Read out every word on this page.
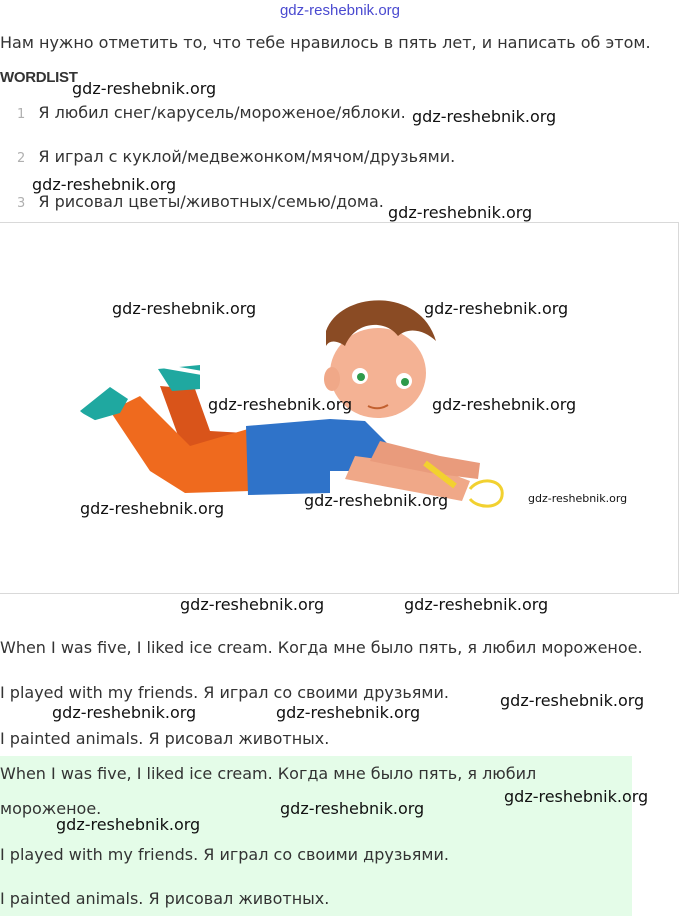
gdz-reshebnik.org
Нам нужно отметить то, что тебе нравилось в пять лет, и написать об этом.
WORDLIST
1 Я любил снег/карусель/мороженое/яблоки.
2 Я играл с куклой/медвежонком/мячом/друзьями.
3 Я рисовал цветы/животных/семью/дома.
When I was five, I liked ice cream. Когда мне было пять, я любил мороженое.
I played with my friends. Я играл со своими друзьями.
I painted animals. Я рисовал животных.
When I was five, I liked ice cream. Когда мне было пять, я любил
мороженое.
I played with my friends. Я играл со своими друзьями.
I painted animals. Я рисовал животных.
gdz-reshebnik.org
gdz-reshebnik.org
gdz-reshebnik.org
gdz-reshebnik.org
gdz-reshebnik.org	gdz-reshebnik.org
gdz-reshebnik.org	gdz-reshebnik.org
gdz-reshebnik.org	gdz-reshebnik.org	gdz-reshebnik.org
gdz-reshebnik.org	gdz-reshebnik.org
gdz-reshebnik.org
gdz-reshebnik.org	gdz-reshebnik.org
gdz-reshebnik.org
gdz-reshebnik.org
gdz-reshebnik.org
